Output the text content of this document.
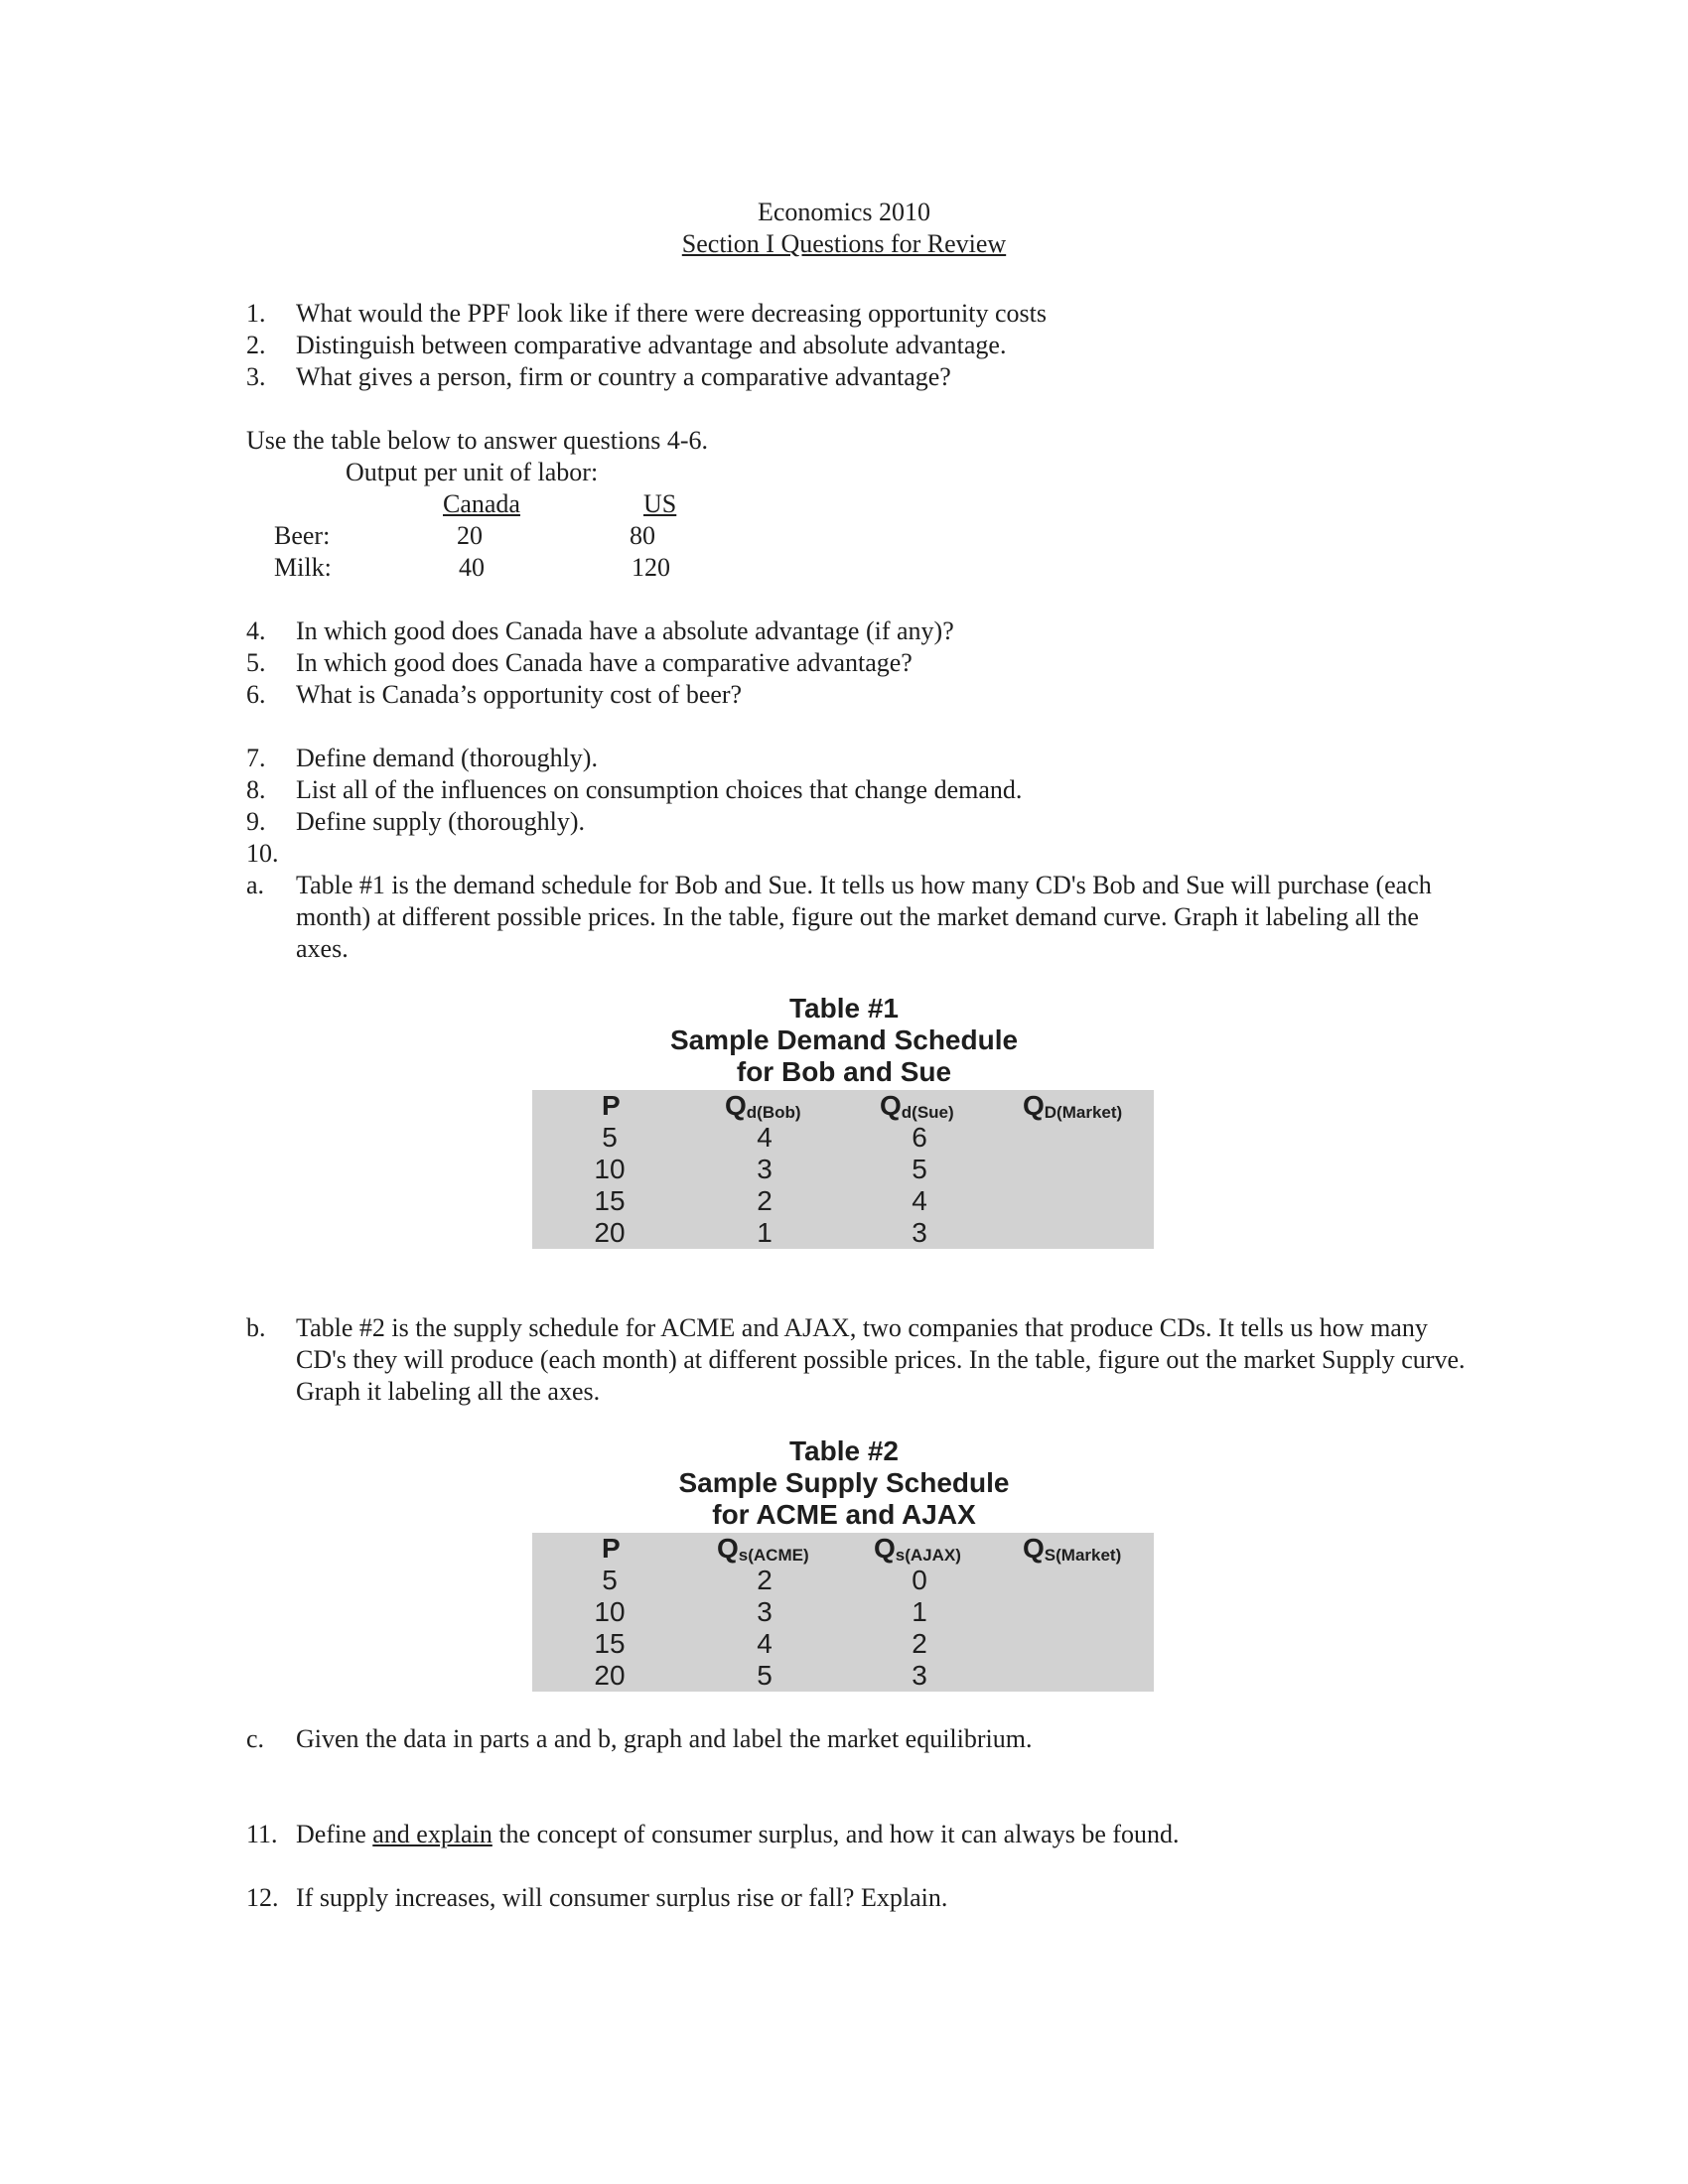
Economics 2010
Section I Questions for Review
1. What would the PPF look like if there were decreasing opportunity costs
2. Distinguish between comparative advantage and absolute advantage.
3. What gives a person, firm or country a comparative advantage?
Use the table below to answer questions 4-6.
Output per unit of labor:
Canada	US
Beer:	20	80
Milk:	40	120
4. In which good does Canada have a absolute advantage (if any)?
5. In which good does Canada have a comparative advantage?
6. What is Canada’s opportunity cost of beer?
7. Define demand (thoroughly).
8. List all of the influences on consumption choices that change demand.
9. Define supply (thoroughly).
10.
a. Table #1 is the demand schedule for Bob and Sue. It tells us how many CD's Bob and Sue will purchase (each month) at different possible prices. In the table, figure out the market demand curve. Graph it labeling all the axes.
Table #1
Sample Demand Schedule
for Bob and Sue
P	$Q_{d(Bob)}$	$Q_{d(Sue)}$ $Q_{D(Market)}$
5	4	6
10	3	5
15	2	4
20	1	3
b. Table #2 is the supply schedule for ACME and AJAX, two companies that produce CDs. It tells us how many CD's they will produce (each month) at different possible prices. In the table, figure out the market Supply curve. Graph it labeling all the axes.
Table #2
Sample Supply Schedule
for ACME and AJAX
P	$Q_{s(ACME)}$ $Q_{s(AJAX)}$ $Q_{S(Market)}$
5	2	0
10	3	1
15	4	2
20	5	3
c. Given the data in parts a and b, graph and label the market equilibrium.
11. Define and explain the concept of consumer surplus, and how it can always be found.
12. If supply increases, will consumer surplus rise or fall? Explain.
